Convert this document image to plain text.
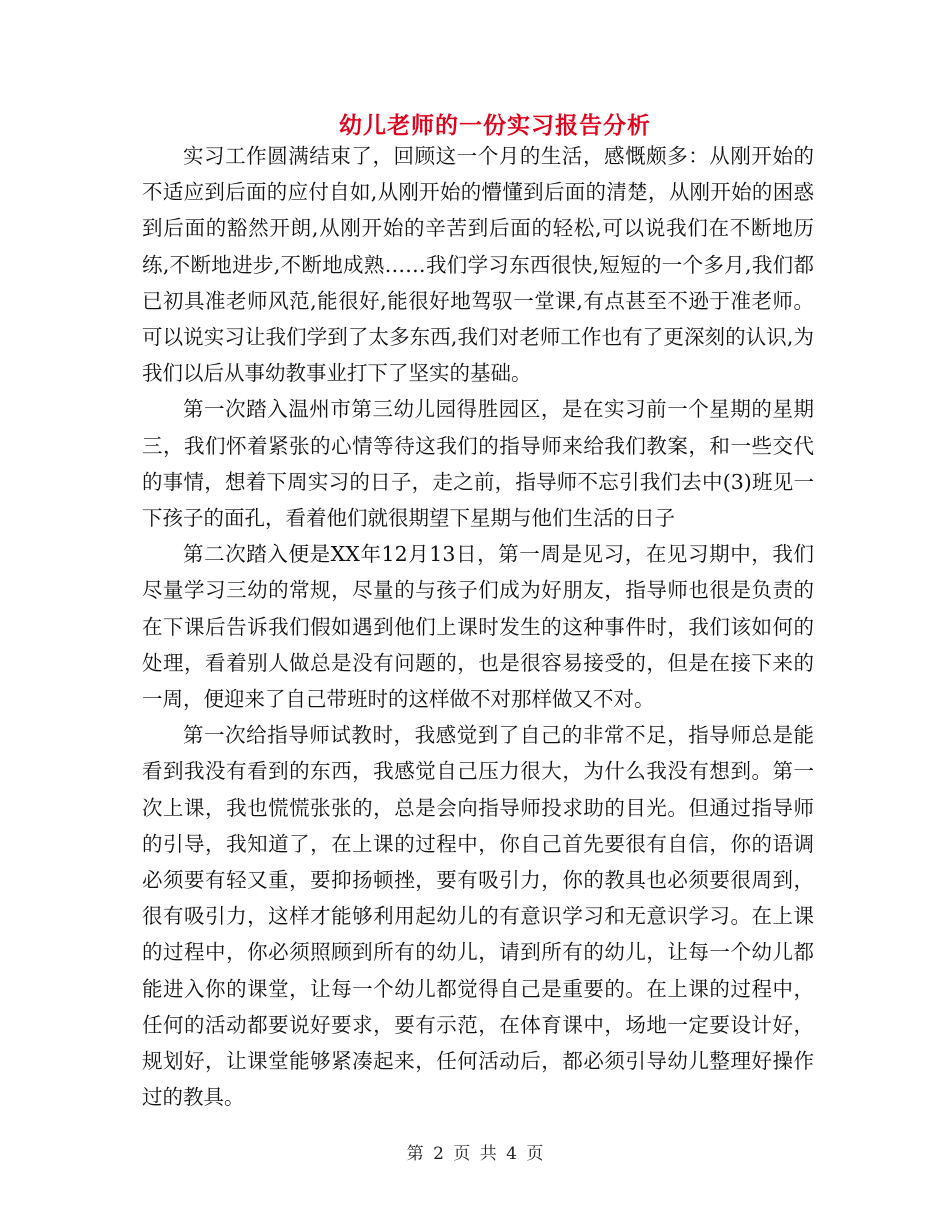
幼儿老师的一份实习报告分析

实习工作圆满结束了，回顾这一个月的生活，感慨颇多：从刚开始的不适应到后面的应付自如,从刚开始的懵懂到后面的清楚，从刚开始的困惑到后面的豁然开朗,从刚开始的辛苦到后面的轻松,可以说我们在不断地历练,不断地进步,不断地成熟……我们学习东西很快,短短的一个多月,我们都已初具准老师风范,能很好,能很好地驾驭一堂课,有点甚至不逊于准老师。可以说实习让我们学到了太多东西,我们对老师工作也有了更深刻的认识,为我们以后从事幼教事业打下了坚实的基础。

第一次踏入温州市第三幼儿园得胜园区，是在实习前一个星期的星期三，我们怀着紧张的心情等待这我们的指导师来给我们教案，和一些交代的事情，想着下周实习的日子，走之前，指导师不忘引我们去中(3)班见一下孩子的面孔，看着他们就很期望下星期与他们生活的日子

第二次踏入便是XX年12月13日，第一周是见习，在见习期中，我们尽量学习三幼的常规，尽量的与孩子们成为好朋友，指导师也很是负责的在下课后告诉我们假如遇到他们上课时发生的这种事件时，我们该如何的处理，看着别人做总是没有问题的，也是很容易接受的，但是在接下来的一周，便迎来了自己带班时的这样做不对那样做又不对。

第一次给指导师试教时，我感觉到了自己的非常不足，指导师总是能看到我没有看到的东西，我感觉自己压力很大，为什么我没有想到。第一次上课，我也慌慌张张的，总是会向指导师投求助的目光。但通过指导师的引导，我知道了，在上课的过程中，你自己首先要很有自信，你的语调必须要有轻又重，要抑扬顿挫，要有吸引力，你的教具也必须要很周到，很有吸引力，这样才能够利用起幼儿的有意识学习和无意识学习。在上课的过程中，你必须照顾到所有的幼儿，请到所有的幼儿，让每一个幼儿都能进入你的课堂，让每一个幼儿都觉得自己是重要的。在上课的过程中，任何的活动都要说好要求，要有示范，在体育课中，场地一定要设计好，规划好，让课堂能够紧凑起来，任何活动后，都必须引导幼儿整理好操作过的教具。

第 2 页 共 4 页
